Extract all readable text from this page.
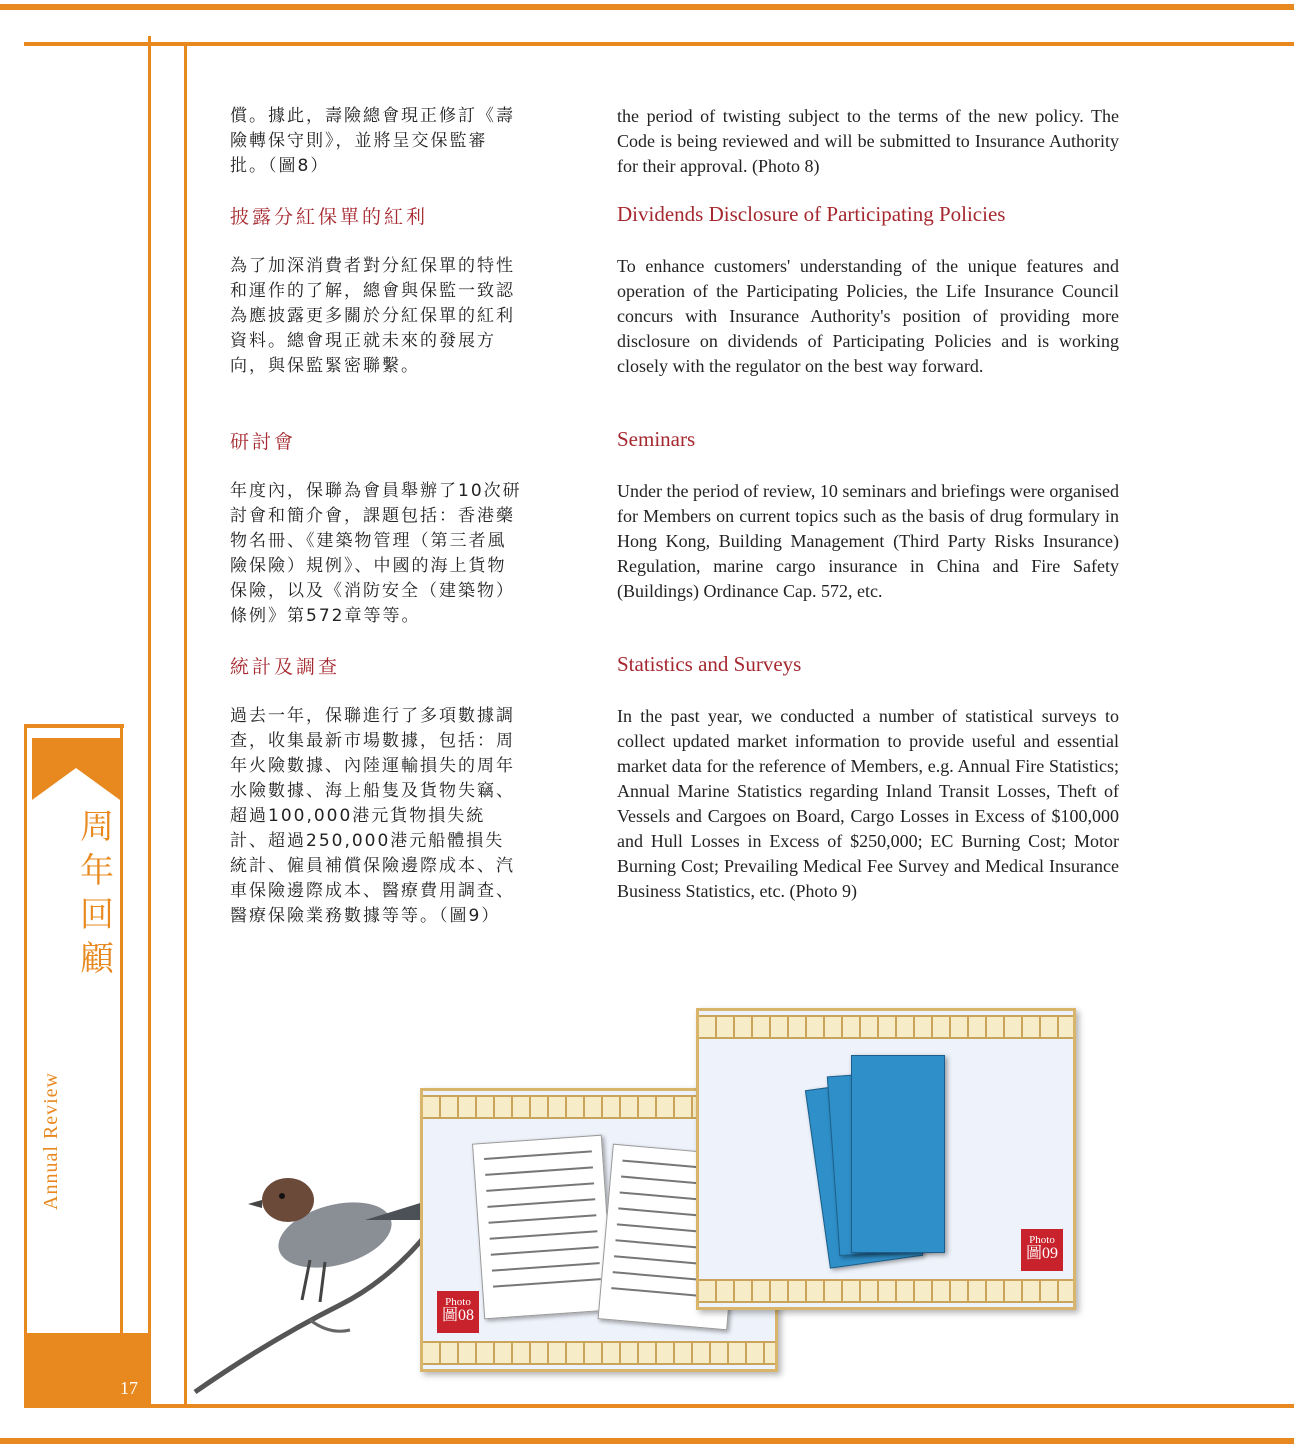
周年回顧
Annual Review
17

償。據此，壽險總會現正修訂《壽險轉保守則》，並將呈交保監審批。（圖8）

the period of twisting subject to the terms of the new policy. The Code is being reviewed and will be submitted to Insurance Authority for their approval. (Photo 8)

披露分紅保單的紅利	Dividends Disclosure of Participating Policies

為了加深消費者對分紅保單的特性和運作的了解，總會與保監一致認為應披露更多關於分紅保單的紅利資料。總會現正就未來的發展方向，與保監緊密聯繫。

To enhance customers' understanding of the unique features and operation of the Participating Policies, the Life Insurance Council concurs with Insurance Authority's position of providing more disclosure on dividends of Participating Policies and is working closely with the regulator on the best way forward.

研討會	Seminars

年度內，保聯為會員舉辦了10次研討會和簡介會，課題包括：香港藥物名冊、《建築物管理（第三者風險保險）規例》、中國的海上貨物保險，以及《消防安全（建築物）條例》第572章等等。

Under the period of review, 10 seminars and briefings were organised for Members on current topics such as the basis of drug formulary in Hong Kong, Building Management (Third Party Risks Insurance) Regulation, marine cargo insurance in China and Fire Safety (Buildings) Ordinance Cap. 572, etc.

統計及調查	Statistics and Surveys

過去一年，保聯進行了多項數據調查，收集最新市場數據，包括：周年火險數據、內陸運輸損失的周年水險數據、海上船隻及貨物失竊、超過100,000港元貨物損失統計、超過250,000港元船體損失統計、僱員補償保險邊際成本、汽車保險邊際成本、醫療費用調查、醫療保險業務數據等等。（圖9）

In the past year, we conducted a number of statistical surveys to collect updated market information to provide useful and essential market data for the reference of Members, e.g. Annual Fire Statistics; Annual Marine Statistics regarding Inland Transit Losses, Theft of Vessels and Cargoes on Board, Cargo Losses in Excess of $100,000 and Hull Losses in Excess of $250,000; EC Burning Cost; Motor Burning Cost; Prevailing Medical Fee Survey and Medical Insurance Business Statistics, etc. (Photo 9)

Photo
圖08
Photo
圖09
